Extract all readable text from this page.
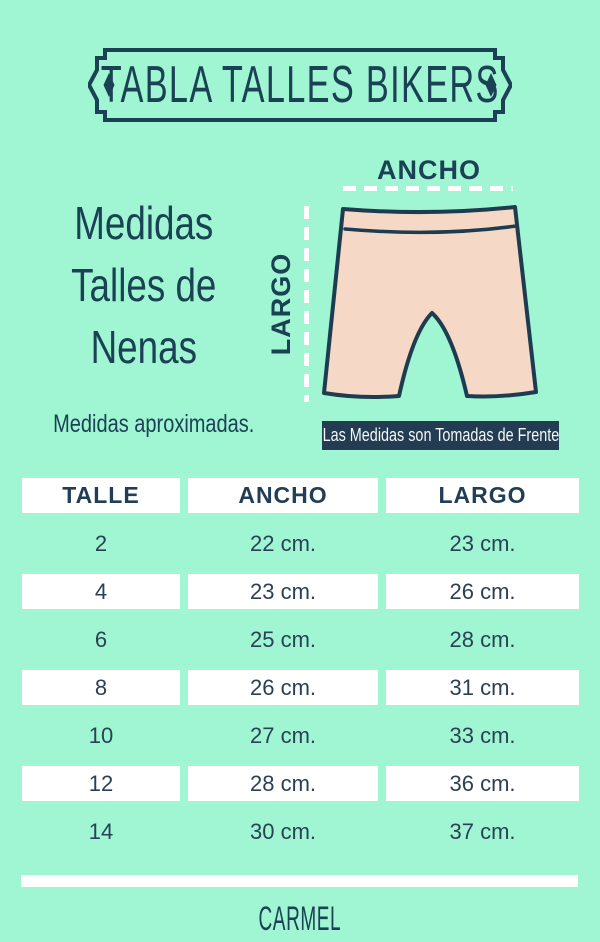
TABLA TALLES BIKERS
Medidas
Talles de
Nenas
Medidas aproximadas.
ANCHO
LARGO
Las Medidas son Tomadas de Frente
TALLE	ANCHO	LARGO
2	22 cm.	23 cm.
4	23 cm.	26 cm.
6	25 cm.	28 cm.
8	26 cm.	31 cm.
10	27 cm.	33 cm.
12	28 cm.	36 cm.
14	30 cm.	37 cm.
CARMEL
